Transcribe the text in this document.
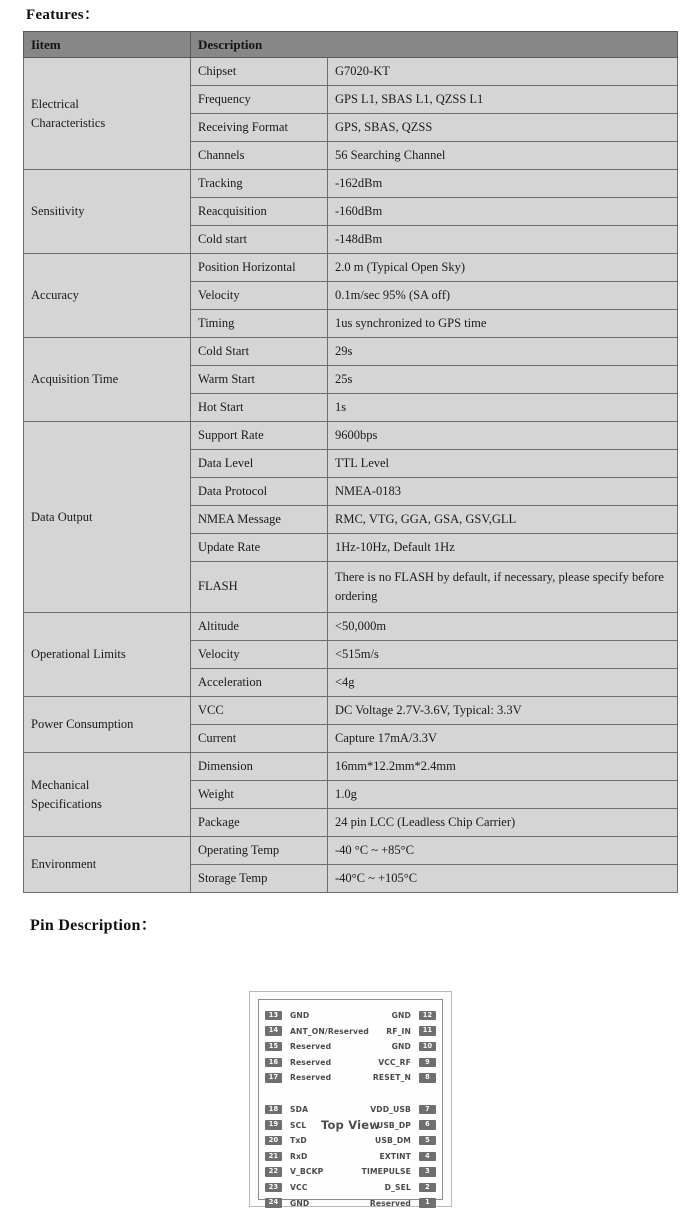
Features：
Iitem	Description	
Electrical
Characteristics	Chipset	G7020-KT
	Frequency	GPS L1, SBAS L1, QZSS L1
	Receiving Format	GPS, SBAS, QZSS
	Channels	56 Searching Channel
Sensitivity	Tracking	-162dBm
	Reacquisition	-160dBm
	Cold start	-148dBm
Accuracy	Position Horizontal	2.0 m (Typical Open Sky)
	Velocity	0.1m/sec 95% (SA off)
	Timing	1us synchronized to GPS time
Acquisition Time	Cold Start	29s
	Warm Start	25s
	Hot Start	1s
Data Output	Support Rate	9600bps
	Data Level	TTL Level
	Data Protocol	NMEA-0183
	NMEA Message	RMC, VTG, GGA, GSA, GSV,GLL
	Update Rate	1Hz-10Hz, Default 1Hz
	FLASH	There is no FLASH by default, if necessary, please specify before ordering
Operational Limits	Altitude	<50,000m
	Velocity	<515m/s
	Acceleration	<4g
Power Consumption	VCC	DC Voltage 2.7V-3.6V, Typical: 3.3V
	Current	Capture 17mA/3.3V
Mechanical
Specifications	Dimension	16mm*12.2mm*2.4mm
	Weight	1.0g
	Package	24 pin LCC (Leadless Chip Carrier)
Environment	Operating Temp	-40 °C ~ +85°C
	Storage Temp	-40°C ~ +105°C
Pin Description：
Top View
13	GND
14	ANT_ON/Reserved
15	Reserved
16	Reserved
17	Reserved
12
GND
11
RF_IN
10
GND
9
VCC_RF
8
RESET_N
18	SDA
19	SCL
20	TxD
21	RxD
22	V_BCKP
23	VCC
24	GND
7
VDD_USB
6
USB_DP
5
USB_DM
4
EXTINT
3
TIMEPULSE
2
D_SEL
1
Reserved
